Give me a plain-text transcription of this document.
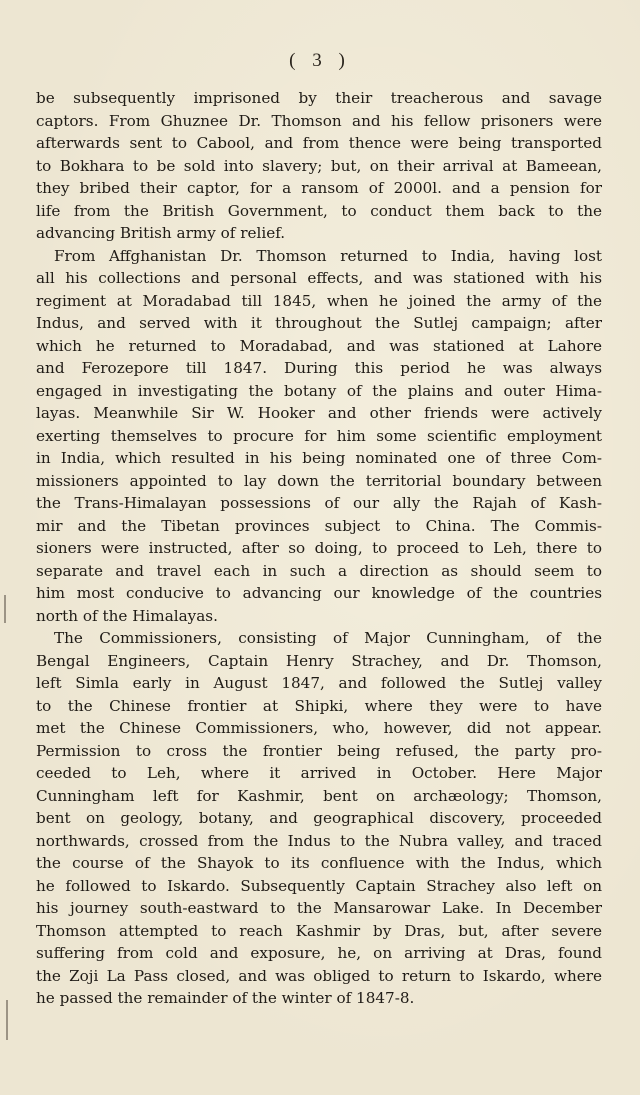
( 3 )
be subsequently imprisoned by their treacherous and savage
captors. From Ghuznee Dr. Thomson and his fellow prisoners were
afterwards sent to Cabool, and from thence were being transported
to Bokhara to be sold into slavery; but, on their arrival at Bameean,
they bribed their captor, for a ransom of 2000l. and a pension for
life from the British Government, to conduct them back to the
advancing British army of relief.
From Affghanistan Dr. Thomson returned to India, having lost
all his collections and personal effects, and was stationed with his
regiment at Moradabad till 1845, when he joined the army of the
Indus, and served with it throughout the Sutlej campaign; after
which he returned to Moradabad, and was stationed at Lahore
and Ferozepore till 1847. During this period he was always
engaged in investigating the botany of the plains and outer Hima-
layas. Meanwhile Sir W. Hooker and other friends were actively
exerting themselves to procure for him some scientific employment
in India, which resulted in his being nominated one of three Com-
missioners appointed to lay down the territorial boundary between
the Trans-Himalayan possessions of our ally the Rajah of Kash-
mir and the Tibetan provinces subject to China. The Commis-
sioners were instructed, after so doing, to proceed to Leh, there to
separate and travel each in such a direction as should seem to
him most conducive to advancing our knowledge of the countries
north of the Himalayas.
The Commissioners, consisting of Major Cunningham, of the
Bengal Engineers, Captain Henry Strachey, and Dr. Thomson,
left Simla early in August 1847, and followed the Sutlej valley
to the Chinese frontier at Shipki, where they were to have
met the Chinese Commissioners, who, however, did not appear.
Permission to cross the frontier being refused, the party pro-
ceeded to Leh, where it arrived in October. Here Major
Cunningham left for Kashmir, bent on archæology; Thomson,
bent on geology, botany, and geographical discovery, proceeded
northwards, crossed from the Indus to the Nubra valley, and traced
the course of the Shayok to its confluence with the Indus, which
he followed to Iskardo. Subsequently Captain Strachey also left on
his journey south-eastward to the Mansarowar Lake. In December
Thomson attempted to reach Kashmir by Dras, but, after severe
suffering from cold and exposure, he, on arriving at Dras, found
the Zoji La Pass closed, and was obliged to return to Iskardo, where
he passed the remainder of the winter of 1847-8.
